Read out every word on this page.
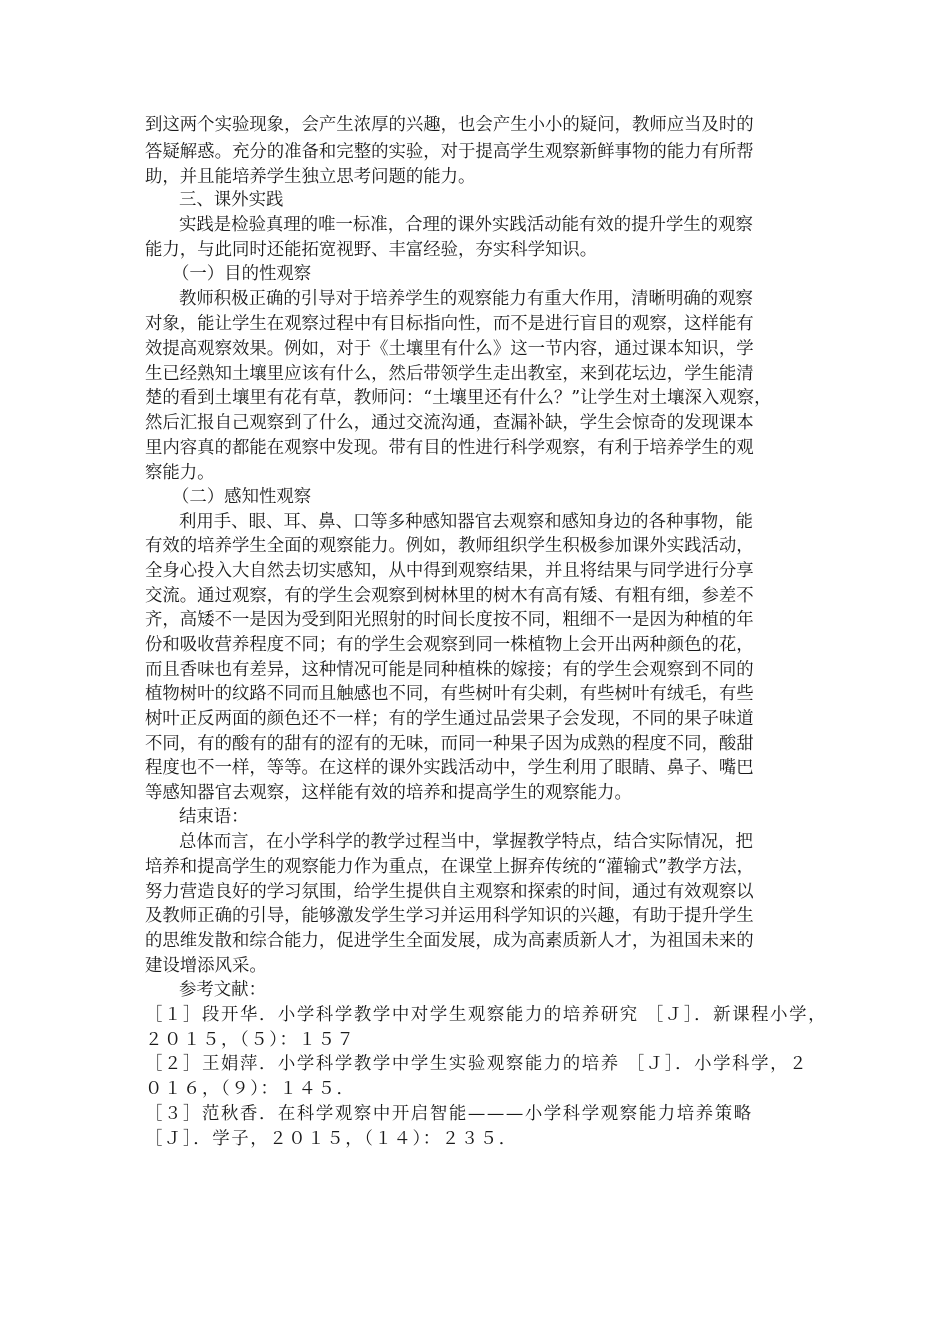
到这两个实验现象，会产生浓厚的兴趣，也会产生小小的疑问，教师应当及时的
答疑解惑。充分的准备和完整的实验，对于提高学生观察新鲜事物的能力有所帮
助，并且能培养学生独立思考问题的能力。
三、课外实践
实践是检验真理的唯一标准，合理的课外实践活动能有效的提升学生的观察
能力，与此同时还能拓宽视野、丰富经验，夯实科学知识。
（一）目的性观察
教师积极正确的引导对于培养学生的观察能力有重大作用，清晰明确的观察
对象，能让学生在观察过程中有目标指向性，而不是进行盲目的观察，这样能有
效提高观察效果。例如，对于《土壤里有什么》这一节内容，通过课本知识，学
生已经熟知土壤里应该有什么，然后带领学生走出教室，来到花坛边，学生能清
楚的看到土壤里有花有草，教师问：“土壤里还有什么？”让学生对土壤深入观察，
然后汇报自己观察到了什么，通过交流沟通，查漏补缺，学生会惊奇的发现课本
里内容真的都能在观察中发现。带有目的性进行科学观察，有利于培养学生的观
察能力。
（二）感知性观察
利用手、眼、耳、鼻、口等多种感知器官去观察和感知身边的各种事物，能
有效的培养学生全面的观察能力。例如，教师组织学生积极参加课外实践活动，
全身心投入大自然去切实感知，从中得到观察结果，并且将结果与同学进行分享
交流。通过观察，有的学生会观察到树林里的树木有高有矮、有粗有细，参差不
齐，高矮不一是因为受到阳光照射的时间长度按不同，粗细不一是因为种植的年
份和吸收营养程度不同；有的学生会观察到同一株植物上会开出两种颜色的花，
而且香味也有差异，这种情况可能是同种植株的嫁接；有的学生会观察到不同的
植物树叶的纹路不同而且触感也不同，有些树叶有尖刺，有些树叶有绒毛，有些
树叶正反两面的颜色还不一样；有的学生通过品尝果子会发现，不同的果子味道
不同，有的酸有的甜有的涩有的无味，而同一种果子因为成熟的程度不同，酸甜
程度也不一样，等等。在这样的课外实践活动中，学生利用了眼睛、鼻子、嘴巴
等感知器官去观察，这样能有效的培养和提高学生的观察能力。
结束语：
总体而言，在小学科学的教学过程当中，掌握教学特点，结合实际情况，把
培养和提高学生的观察能力作为重点，在课堂上摒弃传统的“灌输式”教学方法，
努力营造良好的学习氛围，给学生提供自主观察和探索的时间，通过有效观察以
及教师正确的引导，能够激发学生学习并运用科学知识的兴趣，有助于提升学生
的思维发散和综合能力，促进学生全面发展，成为高素质新人才，为祖国未来的
建设增添风采。
参考文献：
［１］段开华．小学科学教学中对学生观察能力的培养研究 ［Ｊ］．新课程小学，
２０１５，（５）：１５７
［２］王娟萍．小学科学教学中学生实验观察能力的培养 ［Ｊ］．小学科学，２
０１６，（９）：１４５．
［３］范秋香．在科学观察中开启智能———小学科学观察能力培养策略
［Ｊ］．学子，２０１５，（１４）：２３５．
